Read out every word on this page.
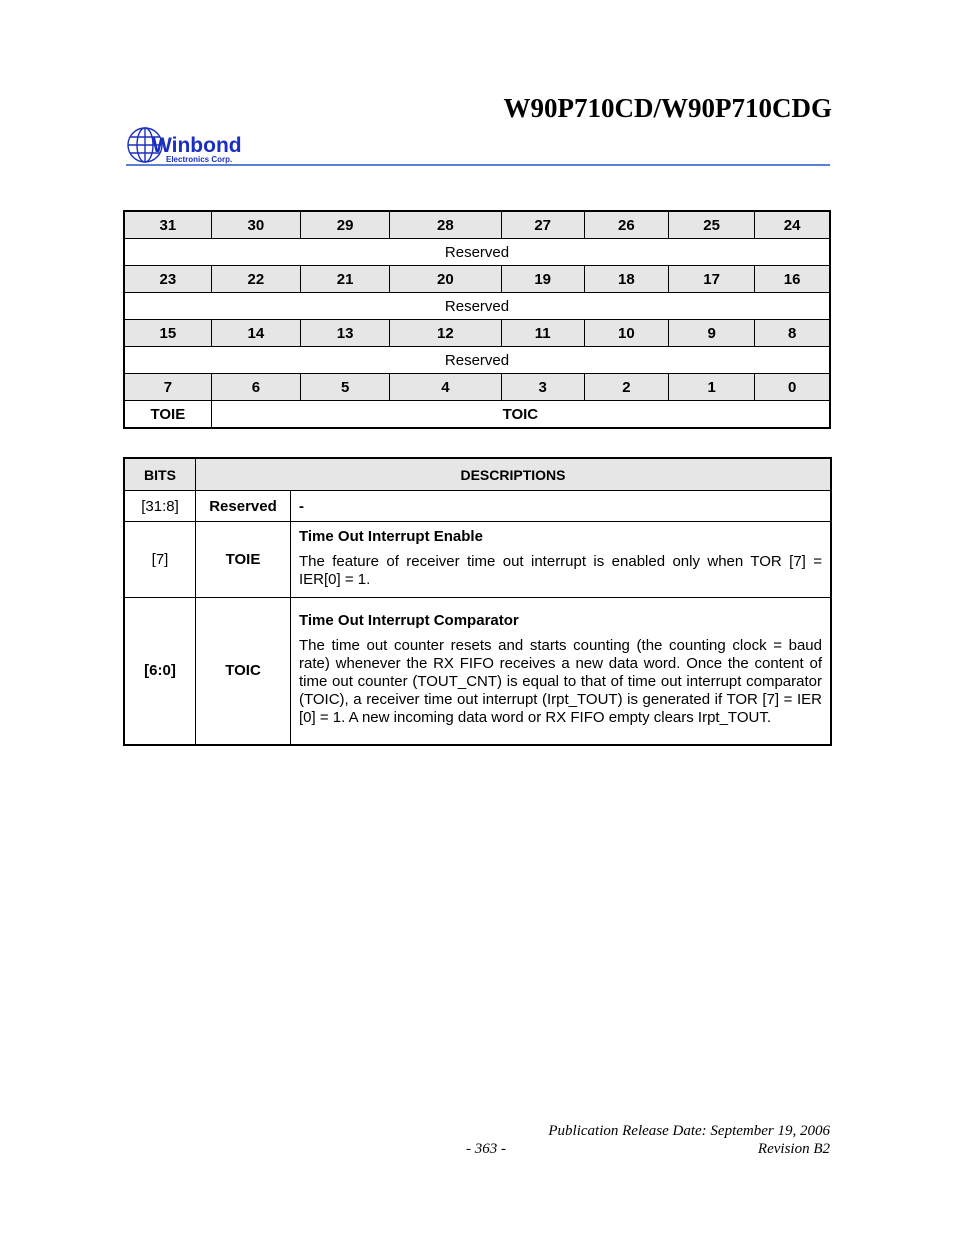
W90P710CD/W90P710CDG
Winbond
Electronics Corp.
31	30	29	28	27	26	25	24
Reserved							
23	22	21	20	19	18	17	16
Reserved							
15	14	13	12	11	10	9	8
Reserved							
7	6	5	4	3	2	1	0
TOIE	TOIC						
BITS	DESCRIPTIONS	
[31:8]	Reserved	-
[7]	TOIE	Time Out Interrupt Enable
The feature of receiver time out interrupt is enabled only when TOR [7] = IER[0] = 1.

[6:0]	TOIC	Time Out Interrupt Comparator
The time out counter resets and starts counting (the counting clock = baud rate) whenever the RX FIFO receives a new data word. Once the content of time out counter (TOUT_CNT) is equal to that of time out interrupt comparator (TOIC), a receiver time out interrupt (Irpt_TOUT) is generated if TOR [7] = IER [0] = 1. A new incoming data word or RX FIFO empty clears Irpt_TOUT.
Publication Release Date: September 19, 2006
- 363 -	Revision B2
